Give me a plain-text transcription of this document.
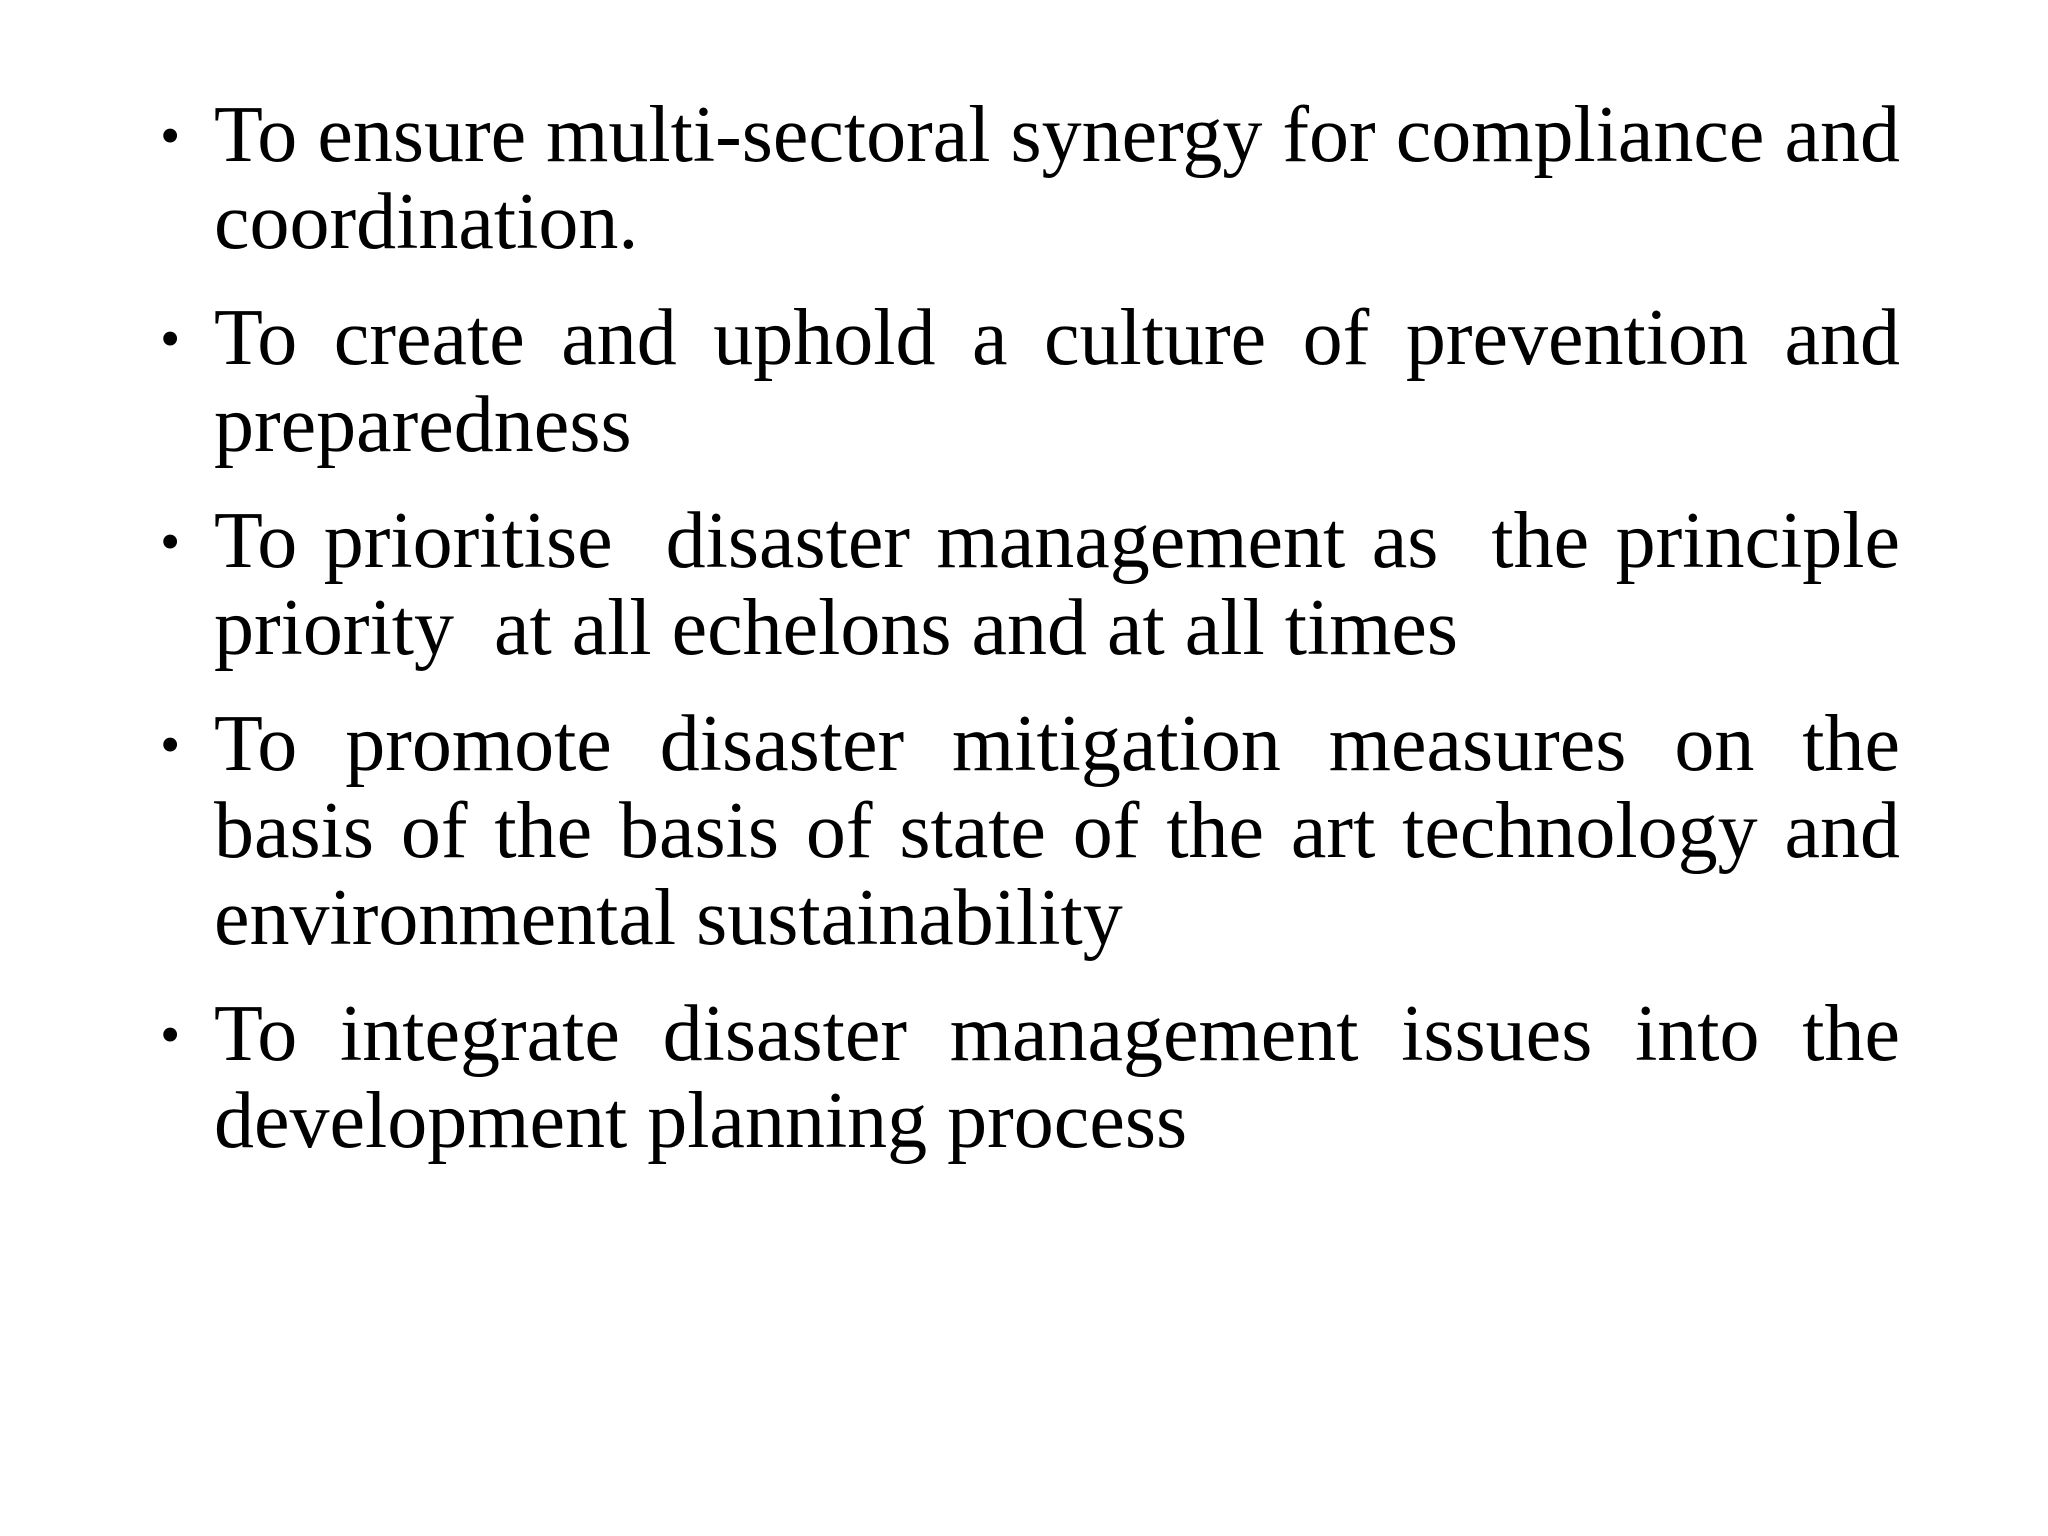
• To ensure multi-sectoral synergy for compliance and coordination.
• To create and uphold a culture of prevention and preparedness
• To prioritise  disaster management as  the principle priority  at all echelons and at all times
• To promote disaster mitigation measures on the basis of the basis of state of the art technology and environmental sustainability
• To integrate disaster management issues into the development planning process
